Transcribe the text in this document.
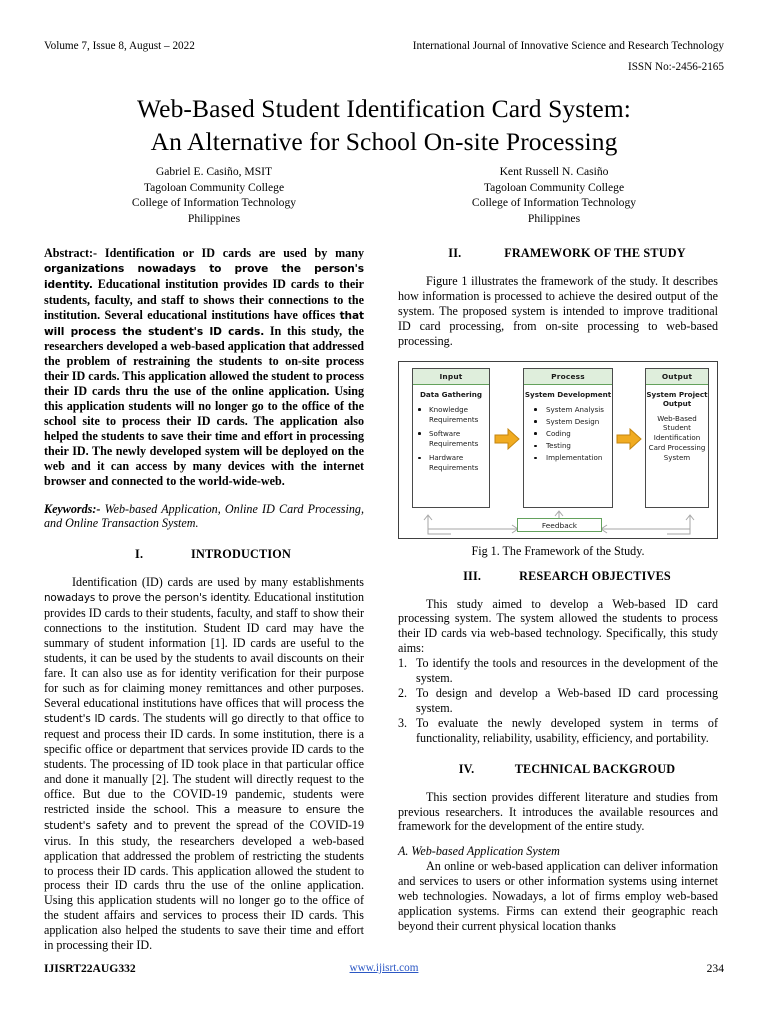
Volume 7, Issue 8, August – 2022	International Journal of Innovative Science and Research Technology
ISSN No:-2456-2165
Web-Based Student Identification Card System:
An Alternative for School On-site Processing
Gabriel E. Casiño, MSIT
Tagoloan Community College
College of Information Technology
Philippines
Kent Russell N. Casiño
Tagoloan Community College
College of Information Technology
Philippines
Abstract:- Identification or ID cards are used by many organizations nowadays to prove the person's identity. Educational institution provides ID cards to their students, faculty, and staff to shows their connections to the institution. Several educational institutions have offices that will process the student's ID cards. In this study, the researchers developed a web-based application that addressed the problem of restraining the students to on-site process their ID cards. This application allowed the student to process their ID cards thru the use of the online application. Using this application students will no longer go to the office of the school site to process their ID cards. The application also helped the students to save their time and effort in processing their ID. The newly developed system will be deployed on the web and it can access by many devices with the internet browser and connected to the world-wide-web.
Keywords:- Web-based Application, Online ID Card Processing, and Online Transaction System.
I.	INTRODUCTION

Identification (ID) cards are used by many establishments nowadays to prove the person's identity. Educational institution provides ID cards to their students, faculty, and staff to show their connections to the institution. Student ID card may have the summary of student information [1]. ID cards are useful to the students, it can be used by the students to avail discounts on their fare. It can also use as for identity verification for their purpose for such as for claiming money remittances and other purposes. Several educational institutions have offices that will process the student's ID cards. The students will go directly to that office to request and process their ID cards. In some institution, there is a specific office or department that services provide ID cards to the students. The processing of ID took place in that particular office and done it manually [2]. The student will directly request to the office. But due to the COVID-19 pandemic, students were restricted inside the school. This a measure to ensure the student's safety and to prevent the spread of the COVID-19 virus. In this study, the researchers developed a web-based application that addressed the problem of restricting the students to process their ID cards. This application allowed the student to process their ID cards thru the use of the online application. Using this application students will no longer go to the office of the student affairs and services to process their ID cards. This application also helped the students to save their time and effort in processing their ID.

II.	FRAMEWORK OF THE STUDY

Figure 1 illustrates the framework of the study. It describes how information is processed to achieve the desired output of the system. The proposed system is intended to improve traditional ID card processing, from on-site processing to web-based processing.

Input
Data Gathering
Knowledge Requirements
Software Requirements
Hardware Requirements
Process
System Development
System Analysis
System Design
Coding
Testing
Implementation
Output
System Project
Output
Web-Based Student Identification Card Processing System
Feedback
Fig 1. The Framework of the Study.
III.	RESEARCH OBJECTIVES

This study aimed to develop a Web-based ID card processing system. The system allowed the students to process their ID cards via web-based technology. Specifically, this study aims:

1. To identify the tools and resources in the development of the system.
2. To design and develop a Web-based ID card processing system.
3. To evaluate the newly developed system in terms of functionality, reliability, usability, efficiency, and portability.
IV.	TECHNICAL BACKGROUD

This section provides different literature and studies from previous researchers. It introduces the available resources and framework for the development of the entire study.

A. Web-based Application System

An online or web-based application can deliver information and services to users or other information systems using internet web technologies. Nowadays, a lot of firms employ web-based application systems. Firms can extend their geographic reach beyond their current physical location thanks

IJISRT22AUG332	www.ijisrt.com	234
